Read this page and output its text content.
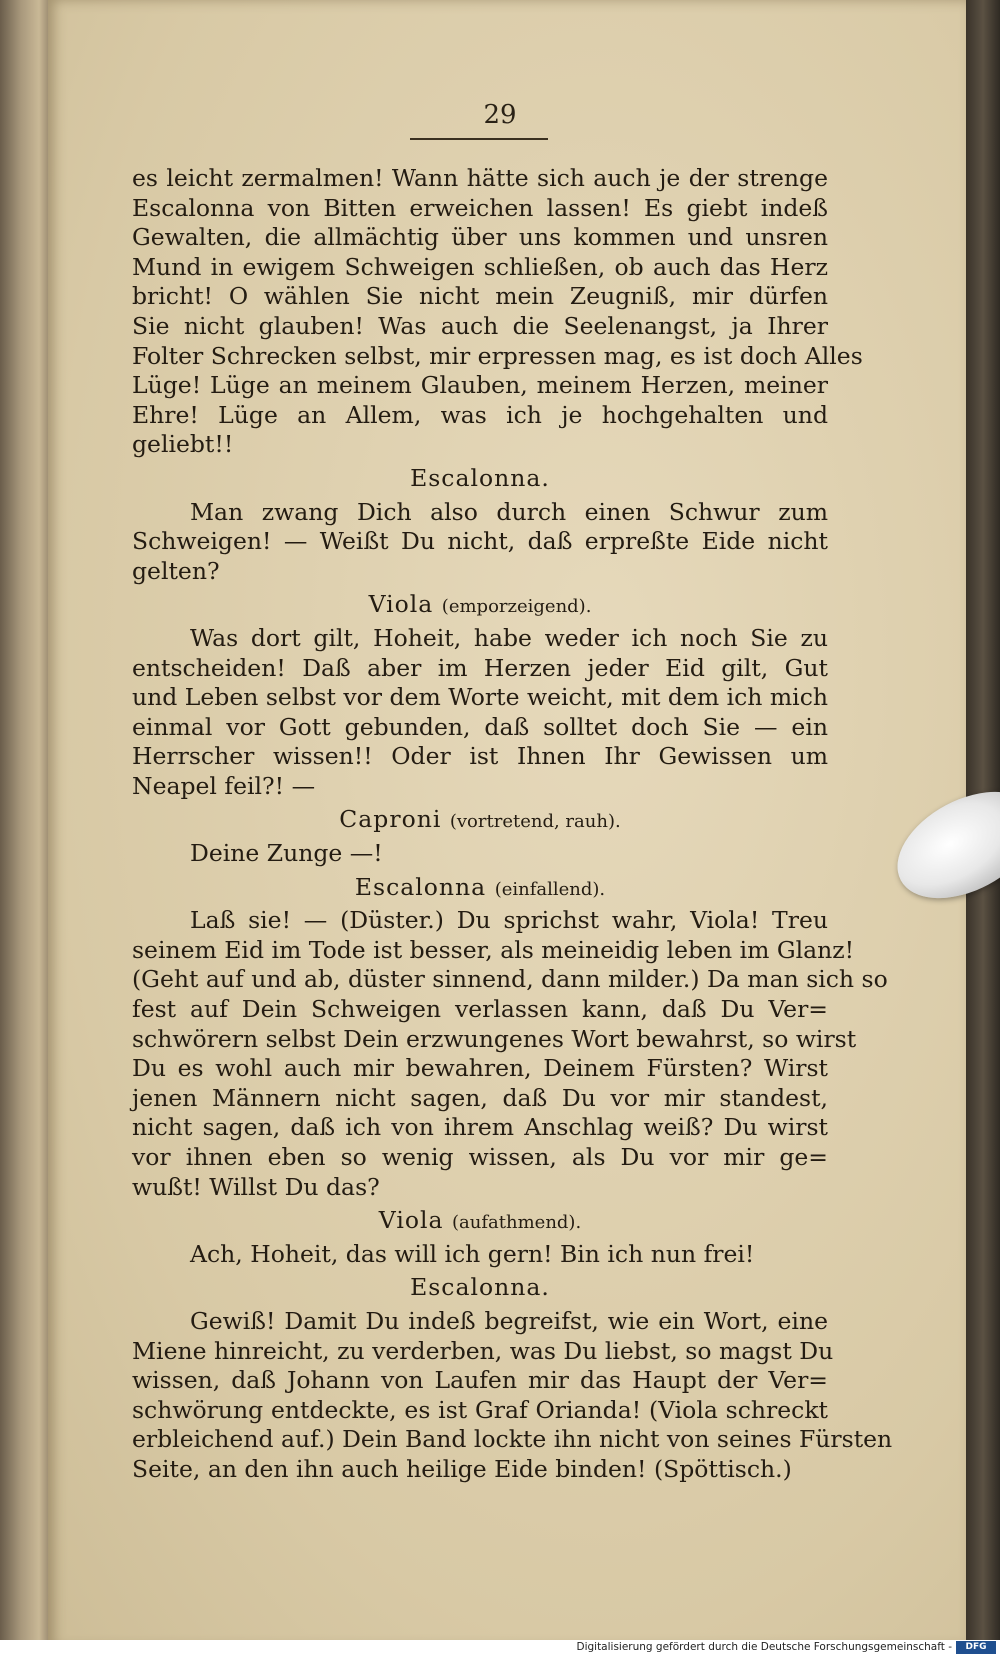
29
es leicht zermalmen! Wann hätte sich auch je der strenge
Escalonna von Bitten erweichen lassen! Es giebt indeß
Gewalten, die allmächtig über uns kommen und unsren
Mund in ewigem Schweigen schließen, ob auch das Herz
bricht! O wählen Sie nicht mein Zeugniß, mir dürfen
Sie nicht glauben! Was auch die Seelenangst, ja Ihrer
Folter Schrecken selbst, mir erpressen mag, es ist doch Alles
Lüge! Lüge an meinem Glauben, meinem Herzen, meiner
Ehre! Lüge an Allem, was ich je hochgehalten und
geliebt!!
Escalonna.
Man zwang Dich also durch einen Schwur zum
Schweigen! — Weißt Du nicht, daß erpreßte Eide nicht
gelten?
Viola (emporzeigend).
Was dort gilt, Hoheit, habe weder ich noch Sie zu
entscheiden! Daß aber im Herzen jeder Eid gilt, Gut
und Leben selbst vor dem Worte weicht, mit dem ich mich
einmal vor Gott gebunden, daß solltet doch Sie — ein
Herrscher wissen!! Oder ist Ihnen Ihr Gewissen um
Neapel feil?! —
Caproni (vortretend, rauh).
Deine Zunge —!
Escalonna (einfallend).
Laß sie! — (Düster.) Du sprichst wahr, Viola! Treu
seinem Eid im Tode ist besser, als meineidig leben im Glanz!
(Geht auf und ab, düster sinnend, dann milder.) Da man sich so
fest auf Dein Schweigen verlassen kann, daß Du Ver=
schwörern selbst Dein erzwungenes Wort bewahrst, so wirst
Du es wohl auch mir bewahren, Deinem Fürsten? Wirst
jenen Männern nicht sagen, daß Du vor mir standest,
nicht sagen, daß ich von ihrem Anschlag weiß? Du wirst
vor ihnen eben so wenig wissen, als Du vor mir ge=
wußt! Willst Du das?
Viola (aufathmend).
Ach, Hoheit, das will ich gern! Bin ich nun frei!
Escalonna.
Gewiß! Damit Du indeß begreifst, wie ein Wort, eine
Miene hinreicht, zu verderben, was Du liebst, so magst Du
wissen, daß Johann von Laufen mir das Haupt der Ver=
schwörung entdeckte, es ist Graf Orianda! (Viola schreckt
erbleichend auf.) Dein Band lockte ihn nicht von seines Fürsten
Seite, an den ihn auch heilige Eide binden! (Spöttisch.)
Digitalisierung gefördert durch die Deutsche Forschungsgemeinschaft -	DFG
